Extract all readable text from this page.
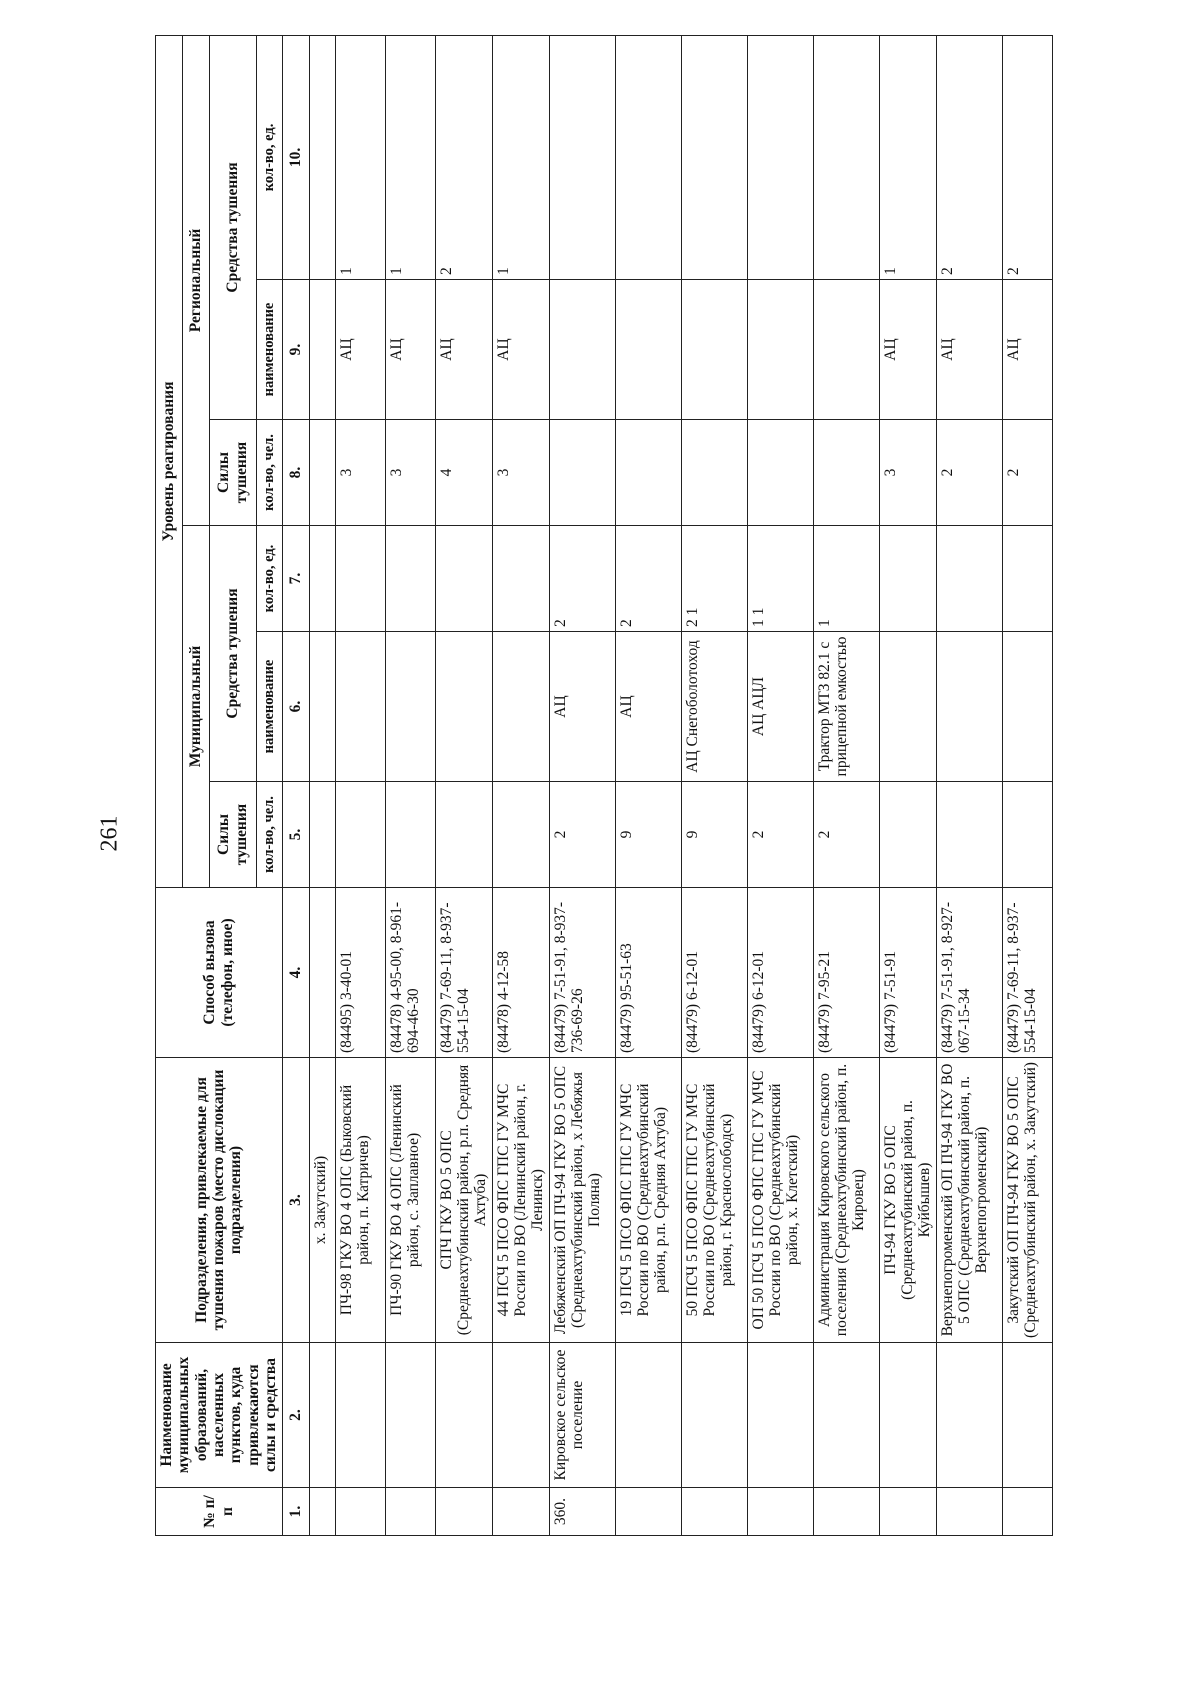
261
№ п/п	Наименование муниципальных образований, населенных пунктов, куда привлекаются силы и средства	Подразделения, привлекаемые для тушения пожаров (место дислокации подразделения)	Способ вызова (телефон, иное)	Уровень реагирования					
				Муниципальный			Региональный		
				Силы тушения	Средства тушения		Силы тушения	Средства тушения	
				кол-во, чел.	наименование	кол-во, ед.	кол-во, чел.	наименование	кол-во, ед.
1.	2.	3.	4.	5.	6.	7.	8.	9.	10.
		х. Закутский)							
		ПЧ-98 ГКУ ВО 4 ОПС (Быковский район, п. Катричев)	(84495) 3-40-01				3	АЦ	1
		ПЧ-90 ГКУ ВО 4 ОПС (Ленинский район, с. Заплавное)	(84478) 4-95-00, 8-961-694-46-30				3	АЦ	1
		СПЧ ГКУ ВО 5 ОПС (Среднеахтубинский район, р.п. Средняя Ахтуба)	(84479) 7-69-11, 8-937-554-15-04				4	АЦ	2
		44 ПСЧ 5 ПСО ФПС ГПС ГУ МЧС России по ВО (Ленинский район, г. Ленинск)	(84478) 4-12-58				3	АЦ	1
360.	Кировское сельское поселение	Лебяженский ОП ПЧ-94 ГКУ ВО 5 ОПС (Среднеахтубинский район, х Лебяжья Поляна)	(84479) 7-51-91, 8-937-736-69-26	2	АЦ	2			
		19 ПСЧ 5 ПСО ФПС ГПС ГУ МЧС России по ВО (Среднеахтубинский район, р.п. Средняя Ахтуба)	(84479) 95-51-63	9	АЦ	2			
		50 ПСЧ 5 ПСО ФПС ГПС ГУ МЧС России по ВО (Среднеахтубинский район, г. Краснослободск)	(84479) 6-12-01	9	АЦ Снегоболотоход	2 1			
		ОП 50 ПСЧ 5 ПСО ФПС ГПС ГУ МЧС России по ВО (Среднеахтубинский район, х. Клетский)	(84479) 6-12-01	2	АЦ АЦЛ	1 1			
		Администрация Кировского сельского поселения (Среднеахтубинский район, п. Кировец)	(84479) 7-95-21	2	Трактор МТЗ 82.1 с прицепной емкостью	1			
		ПЧ-94 ГКУ ВО 5 ОПС (Среднеахтубинский район, п. Куйбышев)	(84479) 7-51-91				3	АЦ	1
		Верхнепогроменский ОП ПЧ-94 ГКУ ВО 5 ОПС (Среднеахтубинский район, п. Верхнепогроменский)	(84479) 7-51-91, 8-927-067-15-34				2	АЦ	2
		Закутский ОП ПЧ-94 ГКУ ВО 5 ОПС (Среднеахтубинский район, х. Закутский)	(84479) 7-69-11, 8-937-554-15-04				2	АЦ	2
